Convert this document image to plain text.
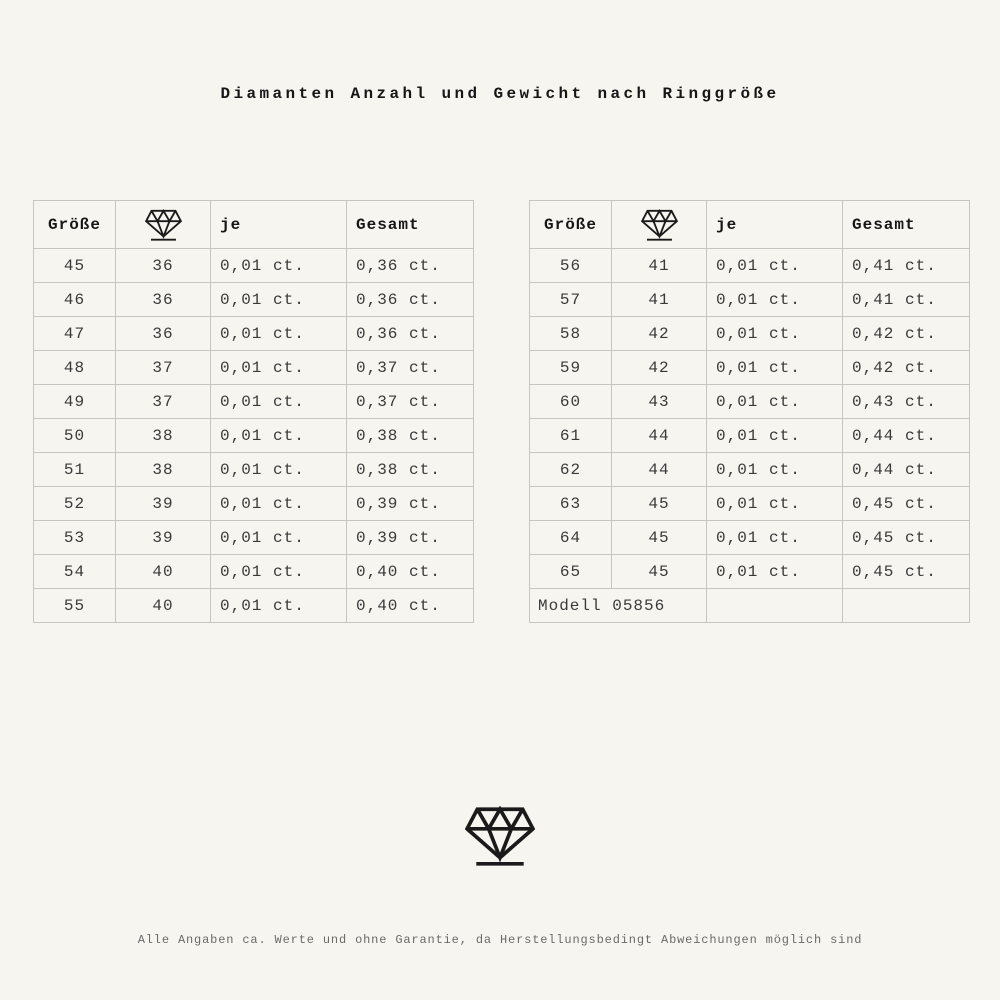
Diamanten Anzahl und Gewicht nach Ringgröße
Größe		je	Gesamt
45	36	0,01 ct.	0,36 ct.
46	36	0,01 ct.	0,36 ct.
47	36	0,01 ct.	0,36 ct.
48	37	0,01 ct.	0,37 ct.
49	37	0,01 ct.	0,37 ct.
50	38	0,01 ct.	0,38 ct.
51	38	0,01 ct.	0,38 ct.
52	39	0,01 ct.	0,39 ct.
53	39	0,01 ct.	0,39 ct.
54	40	0,01 ct.	0,40 ct.
55	40	0,01 ct.	0,40 ct.
Größe		je	Gesamt
56	41	0,01 ct.	0,41 ct.
57	41	0,01 ct.	0,41 ct.
58	42	0,01 ct.	0,42 ct.
59	42	0,01 ct.	0,42 ct.
60	43	0,01 ct.	0,43 ct.
61	44	0,01 ct.	0,44 ct.
62	44	0,01 ct.	0,44 ct.
63	45	0,01 ct.	0,45 ct.
64	45	0,01 ct.	0,45 ct.
65	45	0,01 ct.	0,45 ct.
Modell 05856			

Alle Angaben ca. Werte und ohne Garantie, da Herstellungsbedingt Abweichungen möglich sind
